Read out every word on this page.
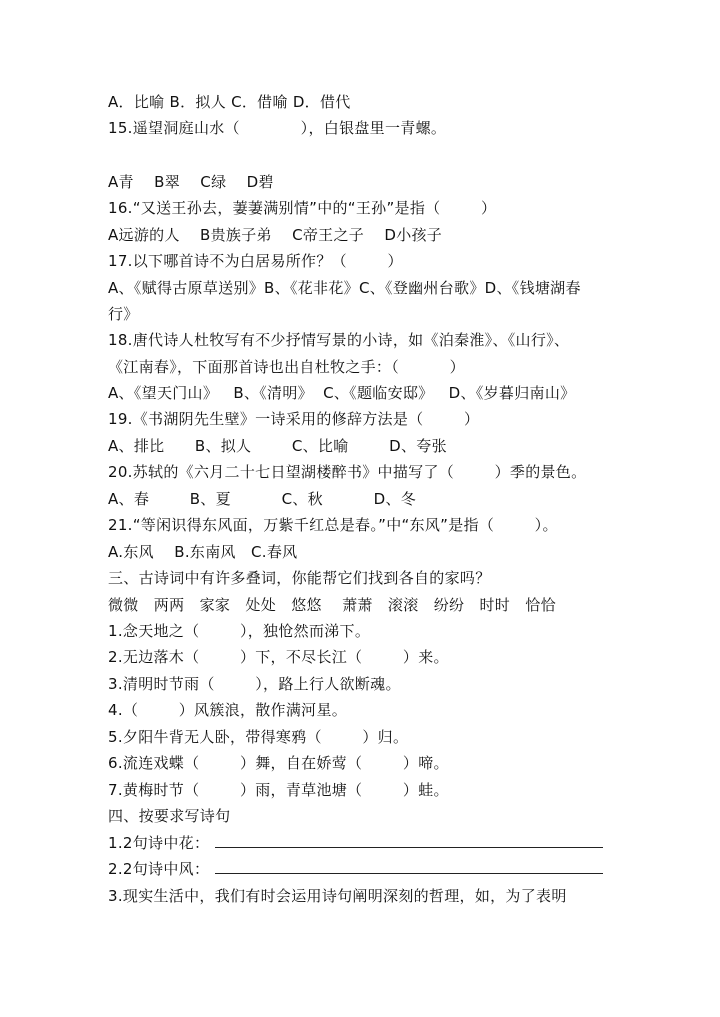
A．比喻 B．拟人 C．借喻 D．借代
15.遥望洞庭山水（            ），白银盘里一青螺。
A青    B翠    C绿    D碧
16.“又送王孙去，萋萋满别情”中的“王孙”是指（        ）
A远游的人    B贵族子弟    C帝王之子    D小孩子
17.以下哪首诗不为白居易所作？（        ）
A、《赋得古原草送别》B、《花非花》C、《登幽州台歌》D、《钱塘湖春
行》
18.唐代诗人杜牧写有不少抒情写景的小诗，如《泊秦淮》、《山行》、
《江南春》，下面那首诗也出自杜牧之手：（          ）
A、《望天门山》   B、《清明》  C、《题临安邸》   D、《岁暮归南山》
19.《书湖阴先生壁》一诗采用的修辞方法是（        ）
A、排比      B、拟人        C、比喻        D、夸张
20.苏轼的《六月二十七日望湖楼醉书》中描写了（        ）季的景色。
A、春        B、夏          C、秋          D、冬
21.“等闲识得东风面，万紫千红总是春。”中“东风”是指（        ）。
A.东风    B.东南风   C.春风
三、古诗词中有许多叠词，你能帮它们找到各自的家吗？
微微   两两   家家   处处   悠悠    萧萧   滚滚   纷纷   时时   恰恰
1.念天地之（        ），独怆然而涕下。
2.无边落木（        ）下，不尽长江（        ）来。
3.清明时节雨（        ），路上行人欲断魂。
4.（        ）风簇浪，散作满河星。
5.夕阳牛背无人卧，带得寒鸦（        ）归。
6.流连戏蝶（        ）舞，自在娇莺（        ）啼。
7.黄梅时节（        ）雨，青草池塘（        ）蛙。
四、按要求写诗句
1.2句诗中花：
2.2句诗中风：
3.现实生活中，我们有时会运用诗句阐明深刻的哲理，如，为了表明
